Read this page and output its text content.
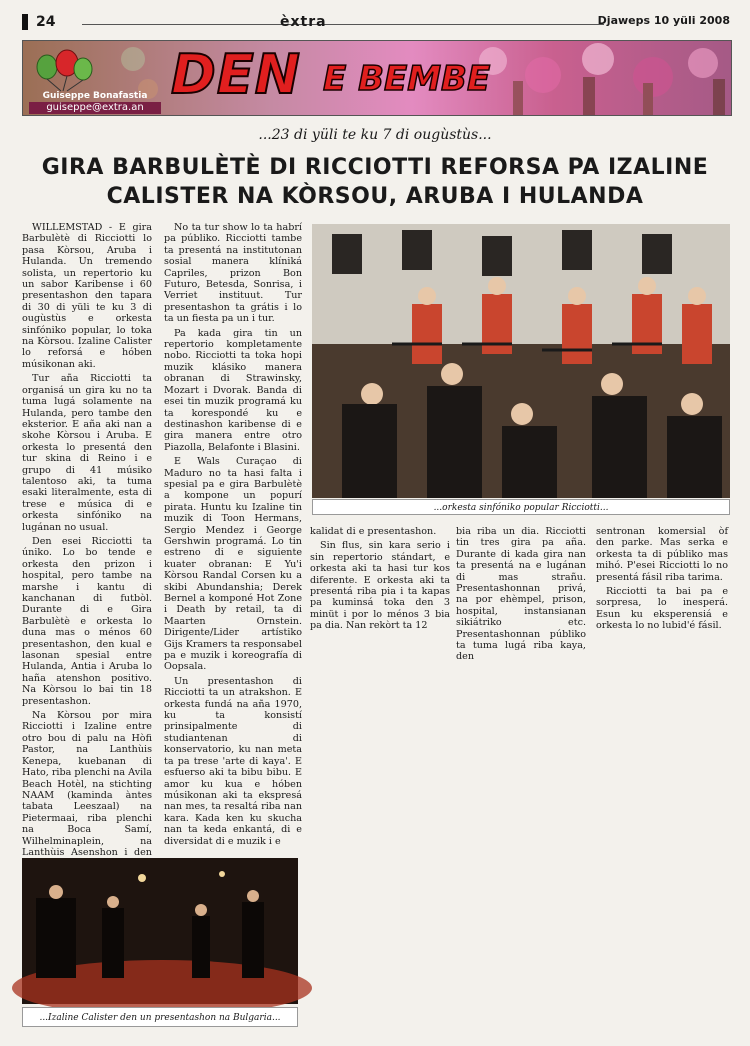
24	èxtra	Djaweps 10 yüli 2008
Guiseppe Bonafastia
guiseppe@extra.an
DEN E BEMBE
...23 di yüli te ku 7 di ougùstùs...
GIRA BARBULÈTÈ DI RICCIOTTI REFORSA PA IZALINE CALISTER NA KÒRSOU, ARUBA I HULANDA

WILLEMSTAD - E gira Barbulètè di Ricciotti lo pasa Kòrsou, Aruba i Hulanda. Un tremendo solista, un repertorio ku un sabor Karibense i 60 presentashon den tapara di 30 di yüli te ku 3 di ougùstùs e orkesta sinfóniko popular, lo toka na Kòrsou. Izaline Calister lo reforsá e hóben músikonan aki.

Tur aña Ricciotti ta organisá un gira ku no ta tuma lugá solamente na Hulanda, pero tambe den eksterior. E aña aki nan a skohe Kòrsou i Aruba. E orkesta lo presentá den tur skina di Reino i e grupo di 41 músiko talentoso aki, ta tuma esaki literalmente, esta di trese e música di e orkesta sinfóniko na lugánan no usual.

Den esei Ricciotti ta úniko. Lo bo tende e orkesta den prizon i hospital, pero tambe na marshe i kantu di kanchanan di futbòl. Durante di e Gira Barbulètè e orkesta lo duna mas o ménos 60 presentashon, den kual e lasonan spesial entre Hulanda, Antia i Aruba lo haña atenshon positivo. Na Kòrsou lo bai tin 18 presentashon.

Na Kòrsou por mira Ricciotti i Izaline entre otro bou di palu na Hòfi Pastor, na Lanthùis Kenepa, kuebanan di Hato, riba plenchi na Avila Beach Hotèl, na stichting NAAM (kaminda àntes tabata Leeszaal) na Pietermaai, riba plenchi na Boca Samí, Wilhelminaplein, na Lanthùis Asenshon i den

No ta tur show lo ta habrí pa públiko. Ricciotti tambe ta presentá na institutonan sosial manera klíniká Capriles, prizon Bon Futuro, Betesda, Sonrisa, i Verriet instituut. Tur presentashon ta grátis i lo ta un fiesta pa un i tur.

Pa kada gira tin un repertorio kompletamente nobo. Ricciotti ta toka hopi muzik klásiko manera obranan di Strawinsky, Mozart i Dvorak. Banda di esei tin muzik programá ku ta korespondé ku e destinashon karibense di e gira manera entre otro Piazolla, Belafonte i Blasini.

E Wals Curaçao di Maduro no ta hasi falta i spesial pa e gira Barbulètè a kompone un popurí pirata. Huntu ku Izaline tin muzik di Toon Hermans, Sergio Mendez i George Gershwin programá. Lo tin estreno di e siguiente kuater obranan: E Yu'i Kòrsou Randal Corsen ku a skibi Abundanshia; Derek Bernel a komponé Hot Zone i Death by retail, ta di Maarten Ornstein. Dirigente/Lider artístiko Gijs Kramers ta responsabel pa e muzik i koreografía di Oopsala.

Un presentashon di Ricciotti ta un atrakshon. E orkesta fundá na aña 1970, ku ta konsistí prinsipalmente di studiantenan di konservatorio, ku nan meta ta pa trese 'arte di kaya'. E esfuerso aki ta bibu bibu. E amor ku kua e hóben músikonan aki ta ekspresá nan mes, ta resaltá riba nan kara. Kada ken ku skucha nan ta keda enkantá, di e diversidat di e muzik i e

...orkesta sinfóniko popular Ricciotti...

kalidat di e presentashon.

Sin flus, sin kara serio i sin repertorio stándart, e orkesta aki ta hasi tur kos diferente. E orkesta aki ta presentá riba pia i ta kapas pa kuminsá toka den 3 minüt i por lo ménos 3 bia pa dia. Nan rekòrt ta 12

bia riba un dia. Ricciotti tin tres gira pa aña. Durante di kada gira nan ta presentá na e lugánan di mas strañu. Presentashonnan privá, na por ehèmpel, prison, hospital, instansianan sikiátriko etc. Presentashonnan públiko ta tuma lugá riba kaya, den

sentronan komersial òf den parke. Mas serka e orkesta ta di públiko mas mihó. P'esei Ricciotti lo no presentá fásil riba tarima.

Ricciotti ta bai pa e sorpresa, lo inesperá. Esun ku eksperensiá e orkesta lo no lubid'é fásil.

...Izaline Calister den un presentashon na Bulgaria...
